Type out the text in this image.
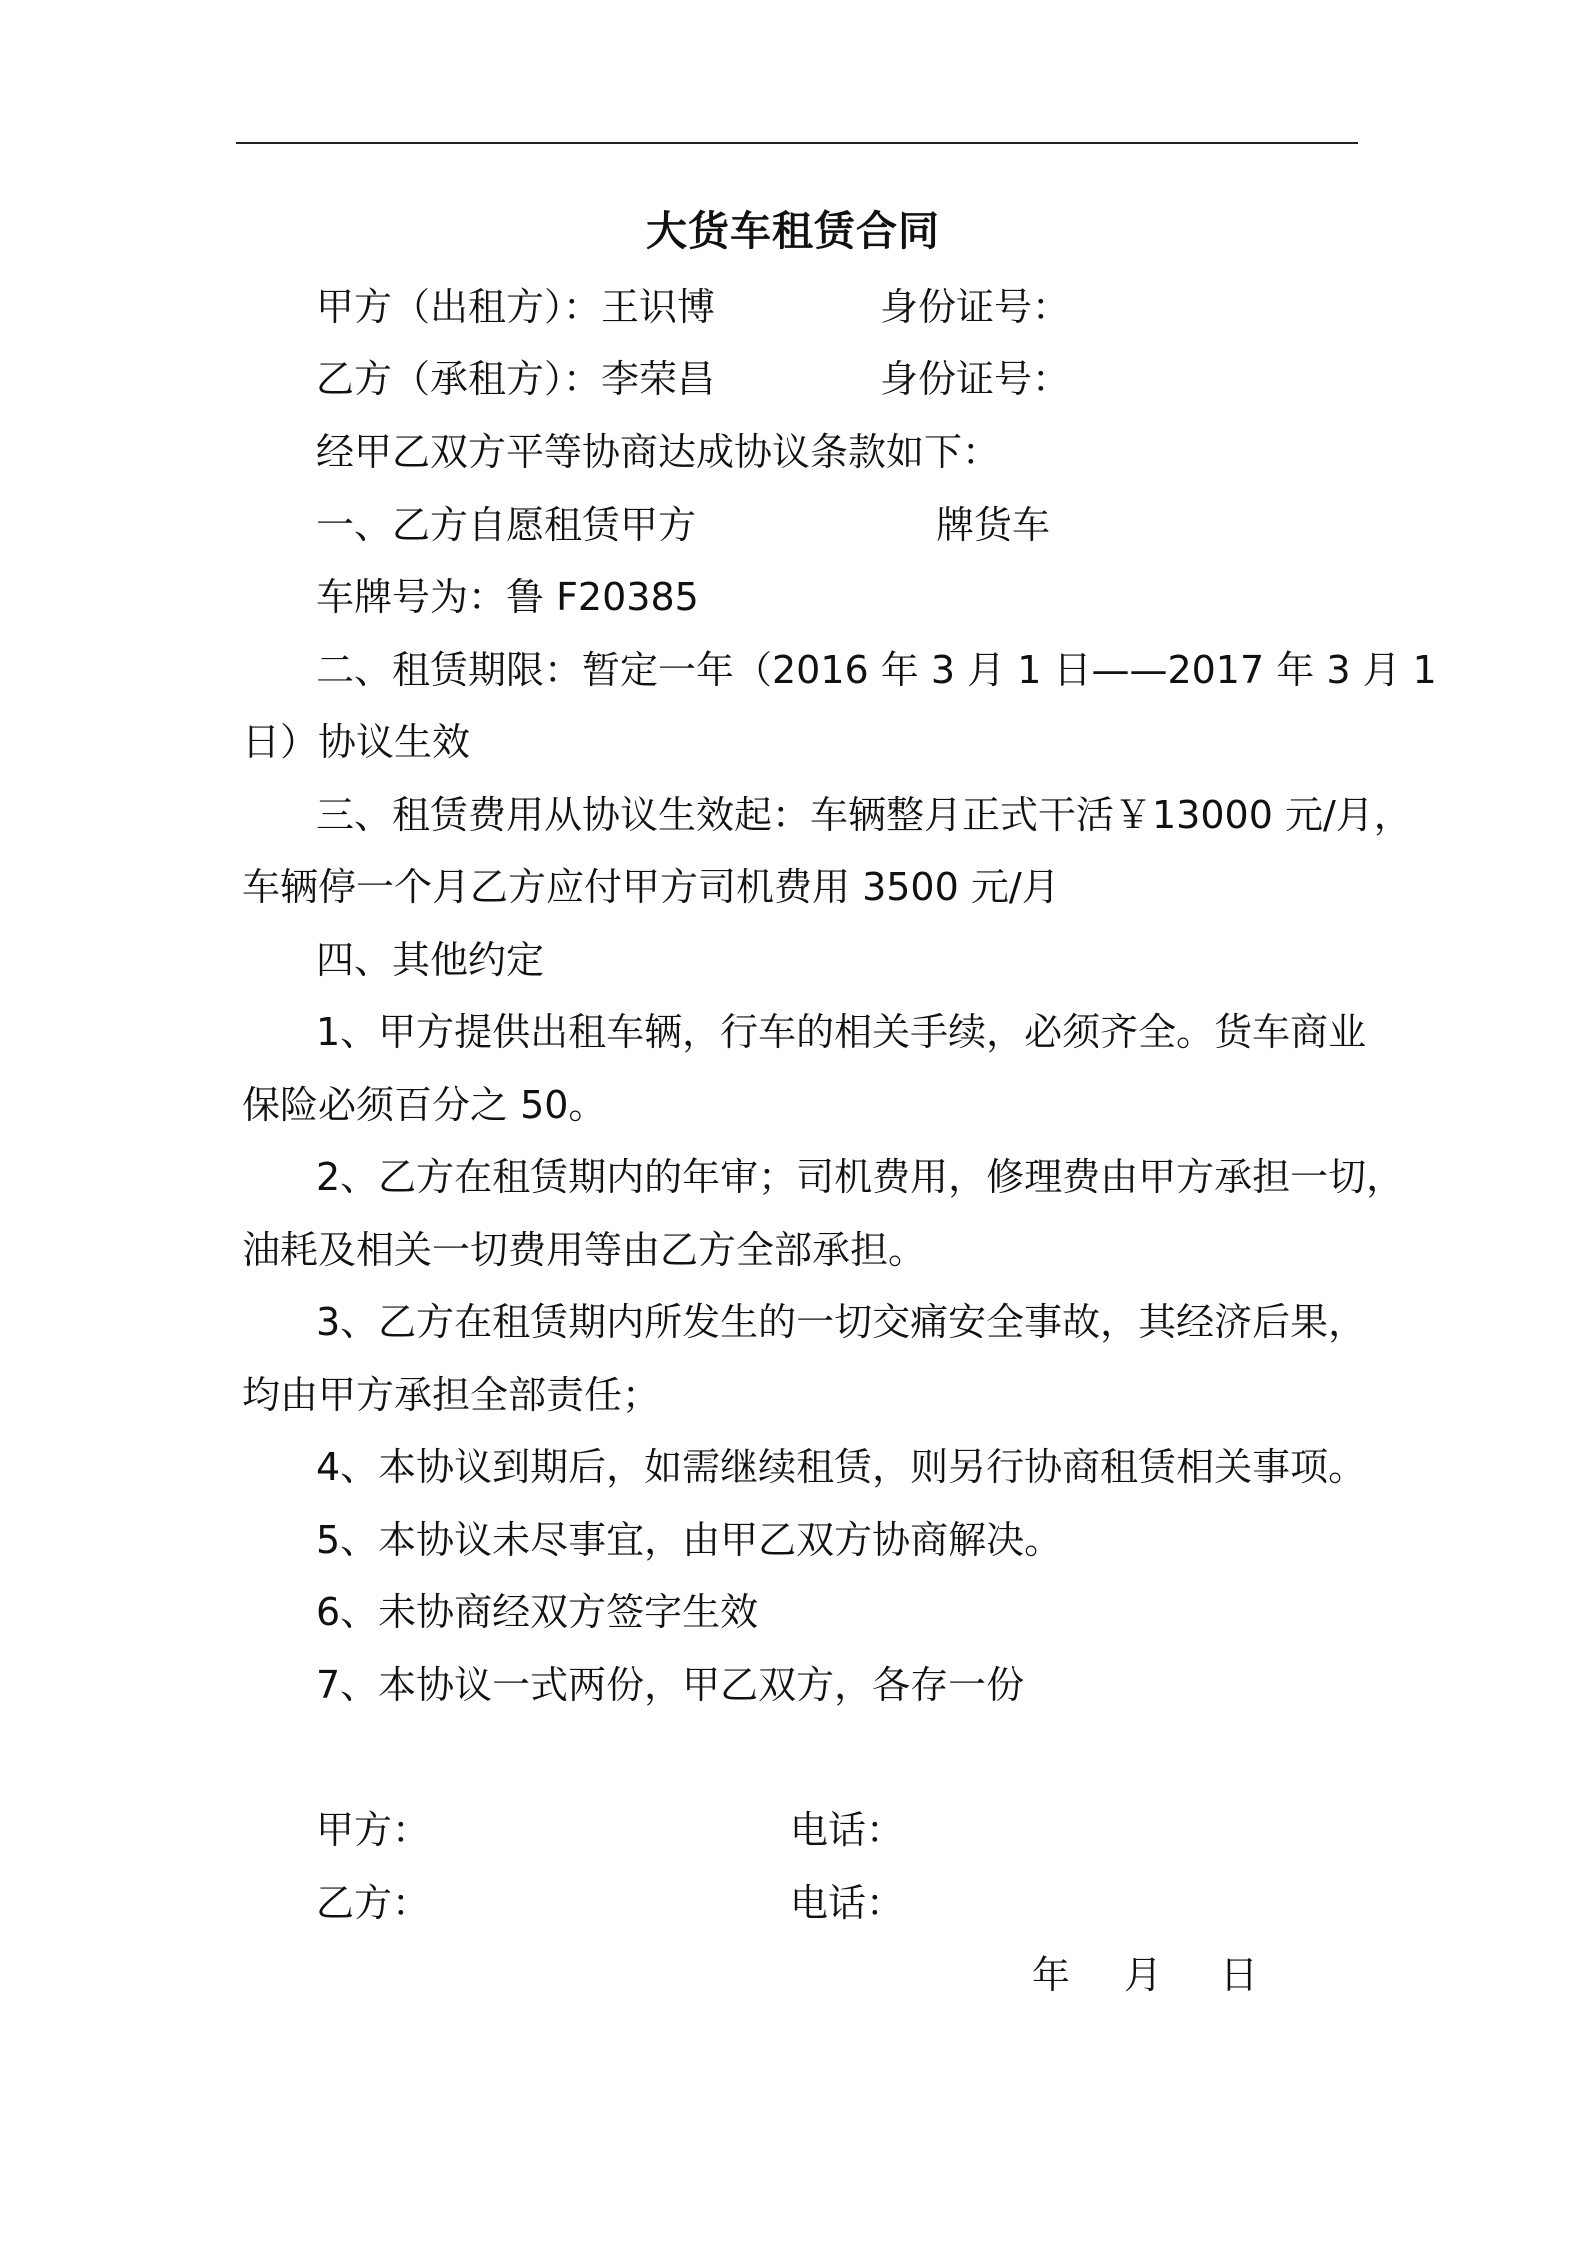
大货车租赁合同
甲方（出租方）：王识博	身份证号：
乙方（承租方）：李荣昌	身份证号：
经甲乙双方平等协商达成协议条款如下：
一、乙方自愿租赁甲方	牌货车
车牌号为：鲁 F20385
二、租赁期限：暂定一年（2016 年 3 月 1 日——2017 年 3 月 1
日）协议生效
三、租赁费用从协议生效起：车辆整月正式干活￥13000 元/月，
车辆停一个月乙方应付甲方司机费用 3500 元/月
四、其他约定
1、甲方提供出租车辆，行车的相关手续，必须齐全。货车商业
保险必须百分之 50。
2、乙方在租赁期内的年审；司机费用，修理费由甲方承担一切，
油耗及相关一切费用等由乙方全部承担。
3、乙方在租赁期内所发生的一切交痛安全事故，其经济后果，
均由甲方承担全部责任；
4、本协议到期后，如需继续租赁，则另行协商租赁相关事项。
5、本协议未尽事宜，由甲乙双方协商解决。
6、未协商经双方签字生效
7、本协议一式两份，甲乙双方，各存一份
甲方：	电话：
乙方：	电话：
年 月 日
